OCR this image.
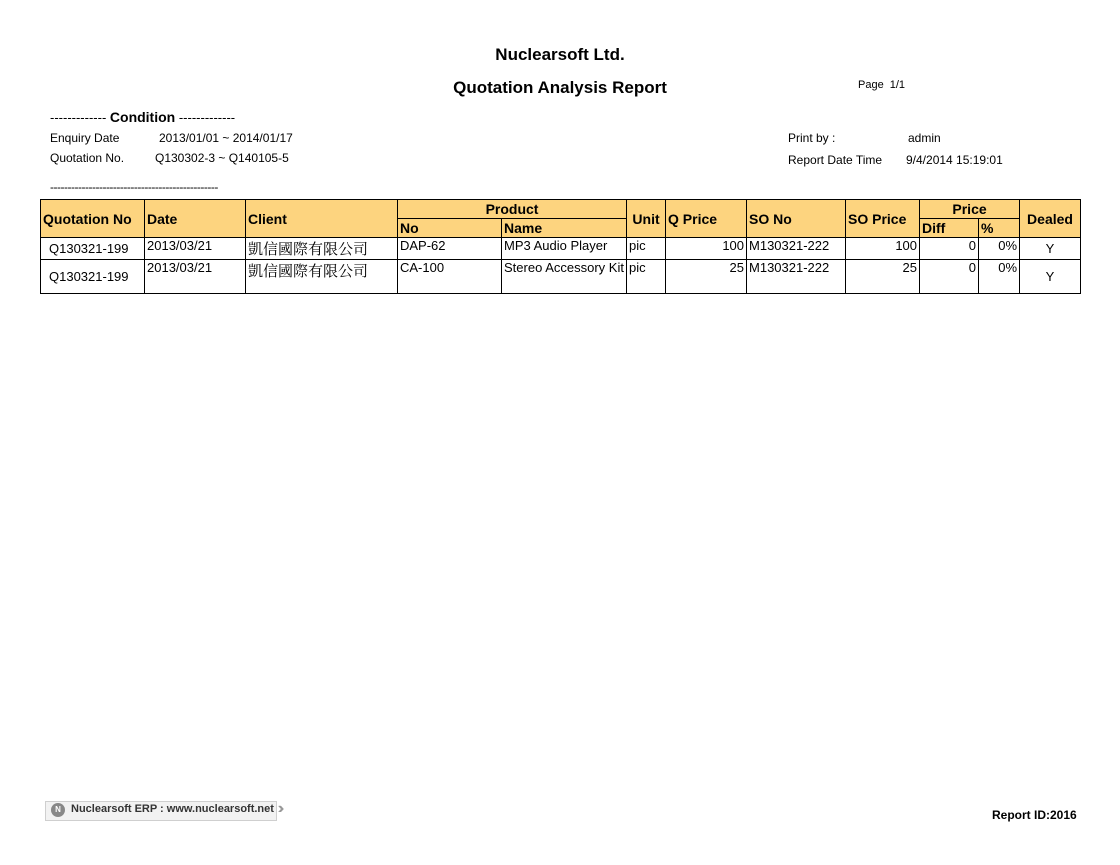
Nuclearsoft Ltd.
Quotation Analysis Report	Page 1/1
------------- Condition -------------
Enquiry Date	2013/01/01 ~ 2014/01/17
Quotation No.	Q130302-3 ~ Q140105-5
Print by :	admin
Report Date Time 9/4/2014 15:19:01
------------------------------------------------
Quotation No	Date	Client	Product		Unit	Q Price	SO No	SO Price	Price		Dealed
			No	Name					Diff	%	
Q130321-199	2013/03/21	凱信國際有限公司	DAP-62	MP3 Audio Player	pic	100	M130321-222	100	0	0%	Y
Q130321-199	2013/03/21	凱信國際有限公司	CA-100	Stereo Accessory Kit	pic	25	M130321-222	25	0	0%	Y
N Nuclearsoft ERP : www.nuclearsoft.net	Report ID:2016
